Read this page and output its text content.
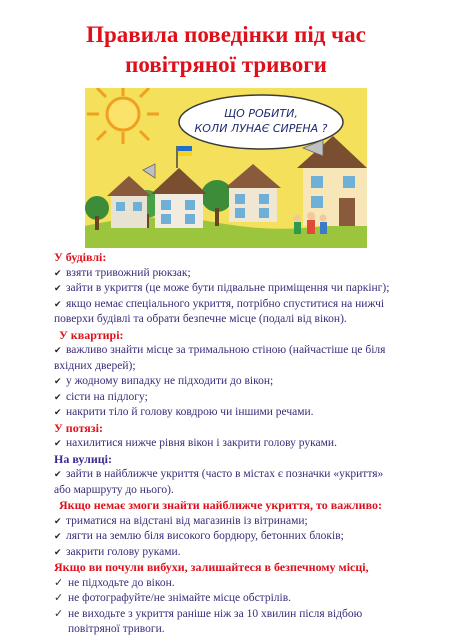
Правила поведінки під час
повітряної тривоги
ЩО РОБИТИ,
КОЛИ ЛУНАЄ СИРЕНА ?
У будівлі:
✔ взяти тривожний рюкзак;
✔ зайти в укриття (це може бути підвальне приміщення чи паркінг);
✔ якщо немає спеціального укриття, потрібно спуститися на нижчі
поверхи будівлі та обрати безпечне місце (подалі від вікон).
У квартирі:
✔ важливо знайти місце за тримальною стіною (найчастіше це біля
вхідних дверей);
✔ у жодному випадку не підходити до вікон;
✔ сісти на підлогу;
✔ накрити тіло й голову ковдрою чи іншими речами.
У потязі:
✔ нахилитися нижче рівня вікон і закрити голову руками.
На вулиці:
✔ зайти в найближче укриття (часто в містах є позначки «укриття»
або маршруту до нього).
Якщо немає змоги знайти найближче укриття, то важливо:
✔ триматися на відстані від магазинів із вітринами;
✔ лягти на землю біля високого бордюру, бетонних блоків;
✔ закрити голову руками.
Якщо ви почули вибухи, залишайтеся в безпечному місці,
✓ не підходьте до вікон.
✓ не фотографуйте/не знімайте місце обстрілів.
✓ не виходьте з укриття раніше ніж за 10 хвилин після відбою
повітряної тривоги.
